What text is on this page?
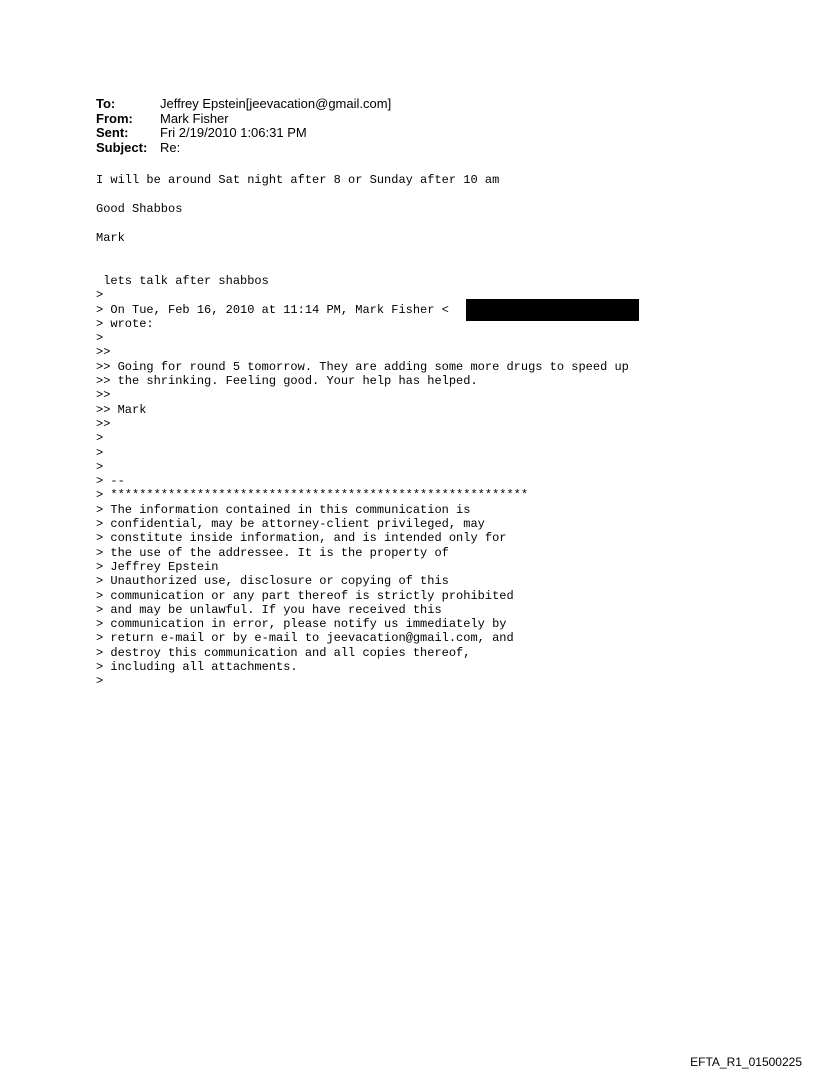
To:	Jeffrey Epstein[jeevacation@gmail.com]
From:	Mark Fisher
Sent:	Fri 2/19/2010 1:06:31 PM
Subject: Re:
I will be around Sat night after 8 or Sunday after 10 am
Good Shabbos
Mark
lets talk after shabbos
>
> On Tue, Feb 16, 2010 at 11:14 PM, Mark Fisher <
> wrote:
>
>>
>> Going for round 5 tomorrow. They are adding some more drugs to speed up
>> the shrinking. Feeling good. Your help has helped.
>>
>> Mark
>>
>
>
>
> --
> **********************************************************
> The information contained in this communication is
> confidential, may be attorney-client privileged, may
> constitute inside information, and is intended only for
> the use of the addressee. It is the property of
> Jeffrey Epstein
> Unauthorized use, disclosure or copying of this
> communication or any part thereof is strictly prohibited
> and may be unlawful. If you have received this
> communication in error, please notify us immediately by
> return e-mail or by e-mail to jeevacation@gmail.com, and
> destroy this communication and all copies thereof,
> including all attachments.
>
EFTA_R1_01500225
